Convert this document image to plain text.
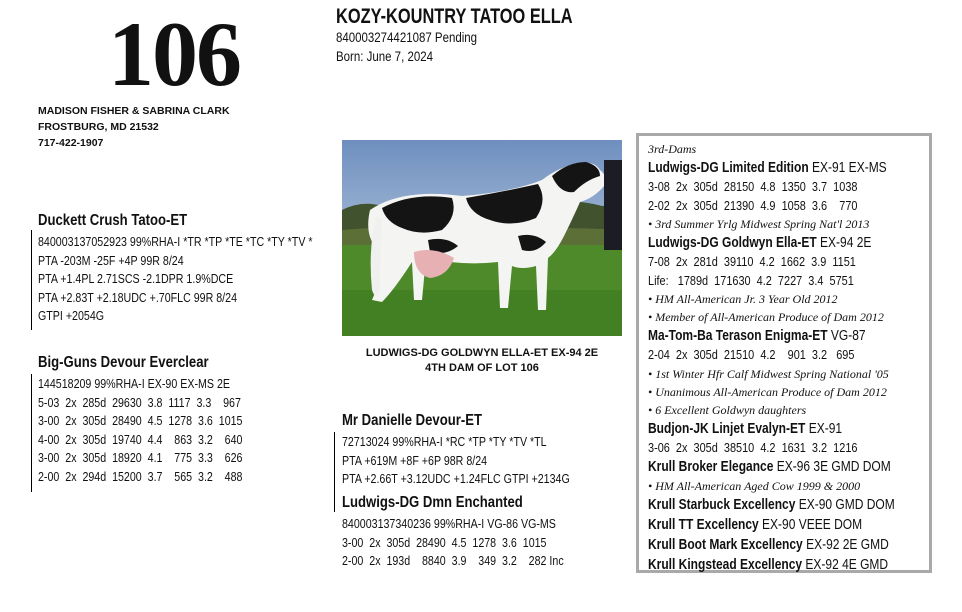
106
MADISON FISHER & SABRINA CLARK
FROSTBURG, MD 21532
717-422-1907
KOZY-KOUNTRY TATOO ELLA
840003274421087 Pending
Born: June 7, 2024
Duckett Crush Tatoo-ET
840003137052923 99%RHA-I *TR *TP *TE *TC *TY *TV *
PTA -203M -25F +4P 99R 8/24
PTA +1.4PL 2.71SCS -2.1DPR 1.9%DCE
PTA +2.83T +2.18UDC +.70FLC 99R 8/24
GTPI +2054G
Big-Guns Devour Everclear
144518209 99%RHA-I EX-90 EX-MS 2E
5-03  2x  285d  29630  3.8  1117  3.3    967
3-00  2x  305d  28490  4.5  1278  3.6  1015
4-00  2x  305d  19740  4.4    863  3.2    640
3-00  2x  305d  18920  4.1    775  3.3    626
2-00  2x  294d  15200  3.7    565  3.2    488
LUDWIGS-DG GOLDWYN ELLA-ET EX-94 2E
4TH DAM OF LOT 106
Mr Danielle Devour-ET
72713024 99%RHA-I *RC *TP *TY *TV *TL
PTA +619M +8F +6P 98R 8/24
PTA +2.66T +3.12UDC +1.24FLC GTPI +2134G
Ludwigs-DG Dmn Enchanted
840003137340236 99%RHA-I VG-86 VG-MS
3-00  2x  305d  28490  4.5  1278  3.6  1015
2-00  2x  193d    8840  3.9    349  3.2    282 Inc
3rd-Dams
Ludwigs-DG Limited Edition EX-91 EX-MS
3-08  2x  305d  28150  4.8  1350  3.7  1038
2-02  2x  305d  21390  4.9  1058  3.6    770
• 3rd Summer Yrlg Midwest Spring Nat'l 2013
Ludwigs-DG Goldwyn Ella-ET EX-94 2E
7-08  2x  281d  39110  4.2  1662  3.9  1151
Life:   1789d  171630  4.2  7227  3.4  5751
• HM All-American Jr. 3 Year Old 2012
• Member of All-American Produce of Dam 2012
Ma-Tom-Ba Terason Enigma-ET VG-87
2-04  2x  305d  21510  4.2    901  3.2   695
• 1st Winter Hfr Calf Midwest Spring National '05
• Unanimous All-American Produce of Dam 2012
• 6 Excellent Goldwyn daughters
Budjon-JK Linjet Evalyn-ET EX-91
3-06  2x  305d  38510  4.2  1631  3.2  1216
Krull Broker Elegance EX-96 3E GMD DOM
• HM All-American Aged Cow 1999 & 2000
Krull Starbuck Excellency EX-90 GMD DOM
Krull TT Excellency EX-90 VEEE DOM
Krull Boot Mark Excellency EX-92 2E GMD
Krull Kingstead Excellency EX-92 4E GMD
